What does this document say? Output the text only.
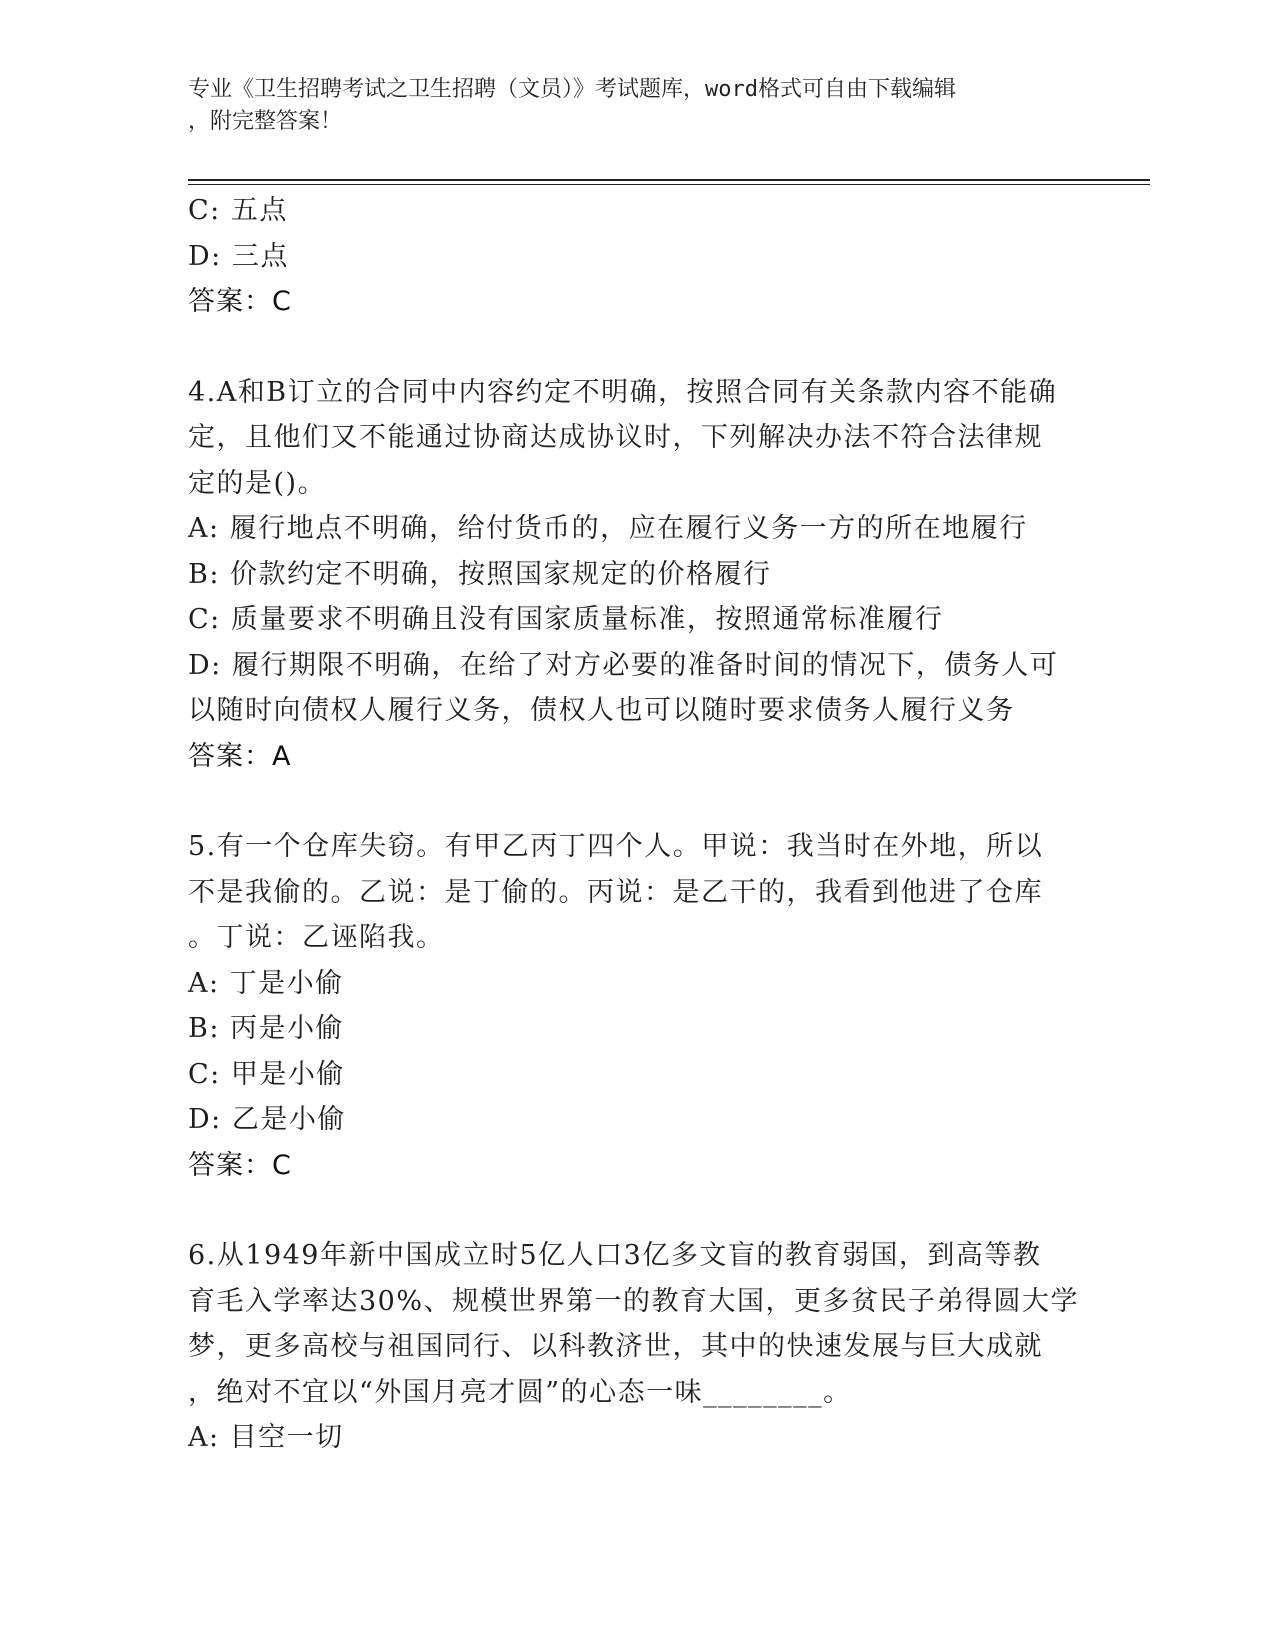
专业《卫生招聘考试之卫生招聘（文员）》考试题库，word格式可自由下载编辑
，附完整答案！
C: 五点
D: 三点
答案：C
4.A和B订立的合同中内容约定不明确，按照合同有关条款内容不能确
定，且他们又不能通过协商达成协议时，下列解决办法不符合法律规
定的是()。
A: 履行地点不明确，给付货币的，应在履行义务一方的所在地履行
B: 价款约定不明确，按照国家规定的价格履行
C: 质量要求不明确且没有国家质量标准，按照通常标准履行
D: 履行期限不明确，在给了对方必要的准备时间的情况下，债务人可
以随时向债权人履行义务，债权人也可以随时要求债务人履行义务
答案：A
5.有一个仓库失窃。有甲乙丙丁四个人。甲说：我当时在外地，所以
不是我偷的。乙说：是丁偷的。丙说：是乙干的，我看到他进了仓库
。丁说：乙诬陷我。
A: 丁是小偷
B: 丙是小偷
C: 甲是小偷
D: 乙是小偷
答案：C
6.从1949年新中国成立时5亿人口3亿多文盲的教育弱国，到高等教
育毛入学率达30%、规模世界第一的教育大国，更多贫民子弟得圆大学
梦，更多高校与祖国同行、以科教济世，其中的快速发展与巨大成就
，绝对不宜以“外国月亮才圆”的心态一味________。
A: 目空一切
